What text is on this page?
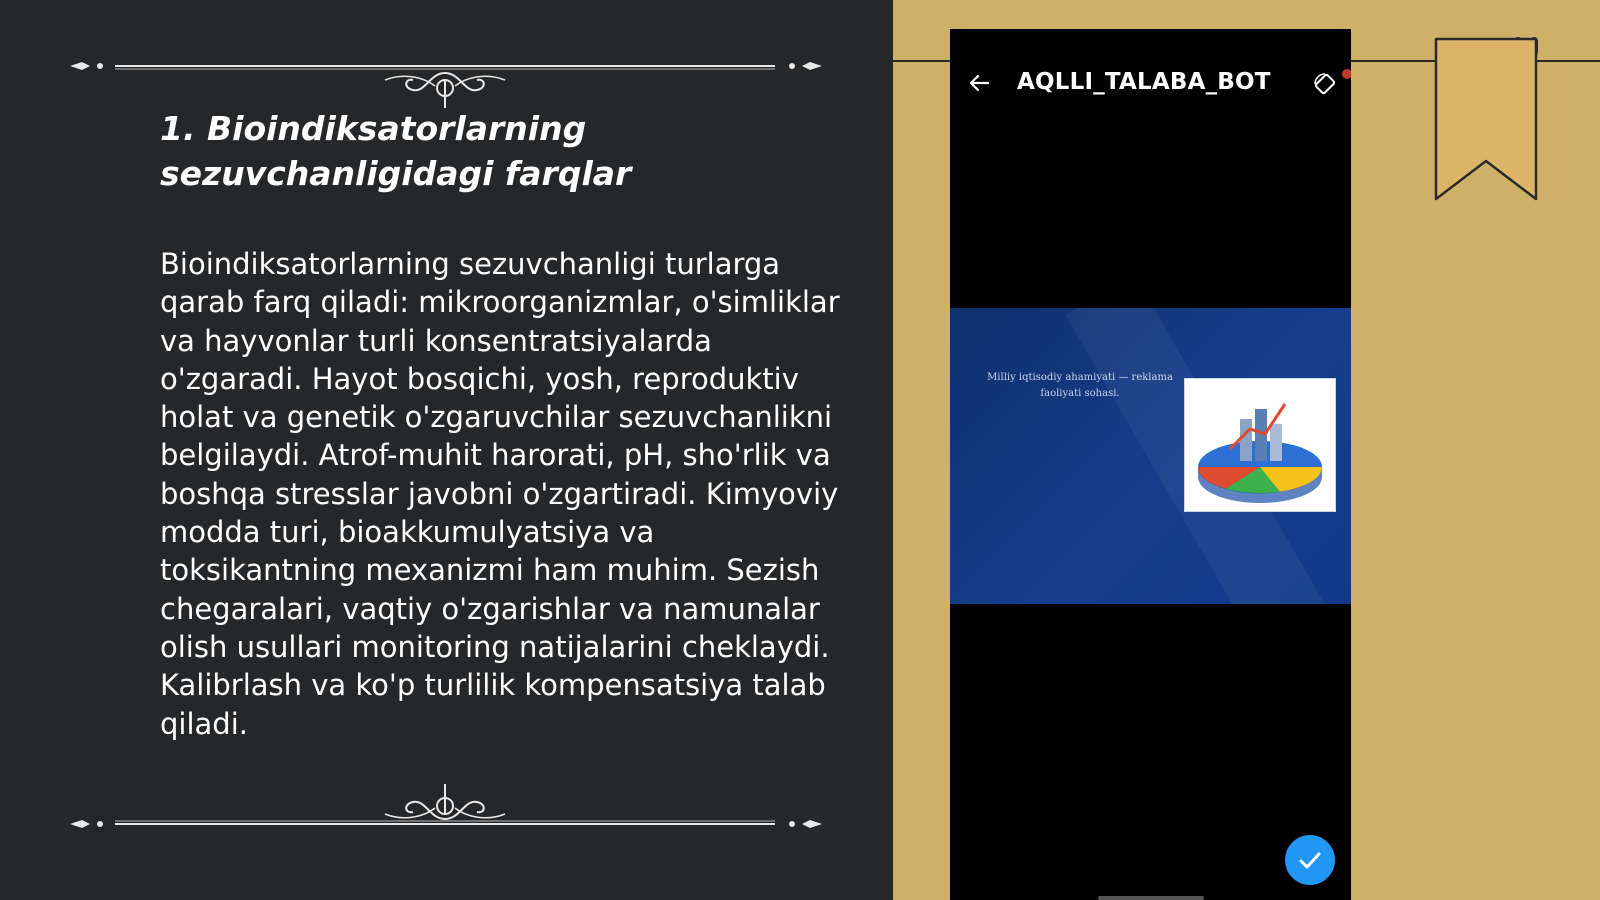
1. Bioindiksatorlarning
sezuvchanligidagi farqlar

Bioindiksatorlarning sezuvchanligi turlarga qarab farq qiladi: mikroorganizmlar, o'simliklar va hayvonlar turli konsentratsiyalarda o'zgaradi. Hayot bosqichi, yosh, reproduktiv holat va genetik o'zgaruvchilar sezuvchanlikni belgilaydi. Atrof-muhit harorati, pH, sho'rlik va boshqa stresslar javobni o'zgartiradi. Kimyoviy modda turi, bioakkumulyatsiya va toksikantning mexanizmi ham muhim. Sezish chegaralari, vaqtiy o'zgarishlar va namunalar olish usullari monitoring natijalarini cheklaydi. Kalibrlash va ko'p turlilik kompensatsiya talab qiladi.

AQLLI_TALABA_BOT

Milliy iqtisodiy ahamiyati — reklama faoliyati sohasi.
